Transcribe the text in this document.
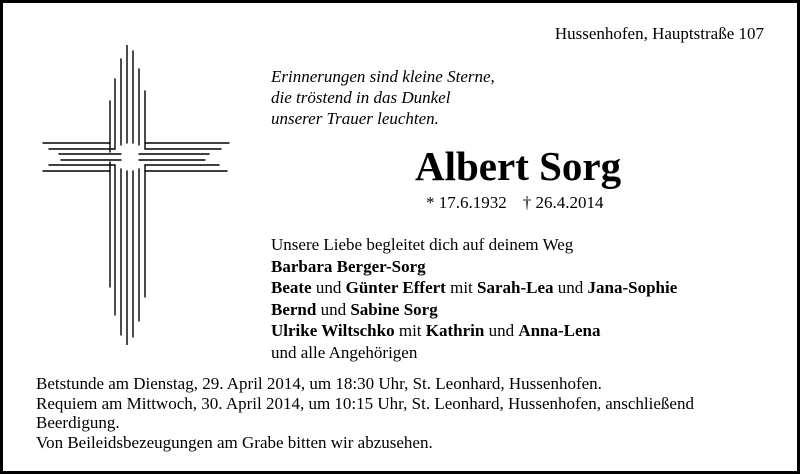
Hussenhofen, Hauptstraße 107
Erinnerungen sind kleine Sterne,
die tröstend in das Dunkel
unserer Trauer leuchten.
Albert Sorg
* 17.6.1932 † 26.4.2014
Unsere Liebe begleitet dich auf deinem Weg
Barbara Berger-Sorg
Beate und Günter Effert mit Sarah-Lea und Jana-Sophie
Bernd und Sabine Sorg
Ulrike Wiltschko mit Kathrin und Anna-Lena
und alle Angehörigen
Betstunde am Dienstag, 29. April 2014, um 18:30 Uhr, St. Leonhard, Hussenhofen.
Requiem am Mittwoch, 30. April 2014, um 10:15 Uhr, St. Leonhard, Hussenhofen, anschließend
Beerdigung.
Von Beileidsbezeugungen am Grabe bitten wir abzusehen.
